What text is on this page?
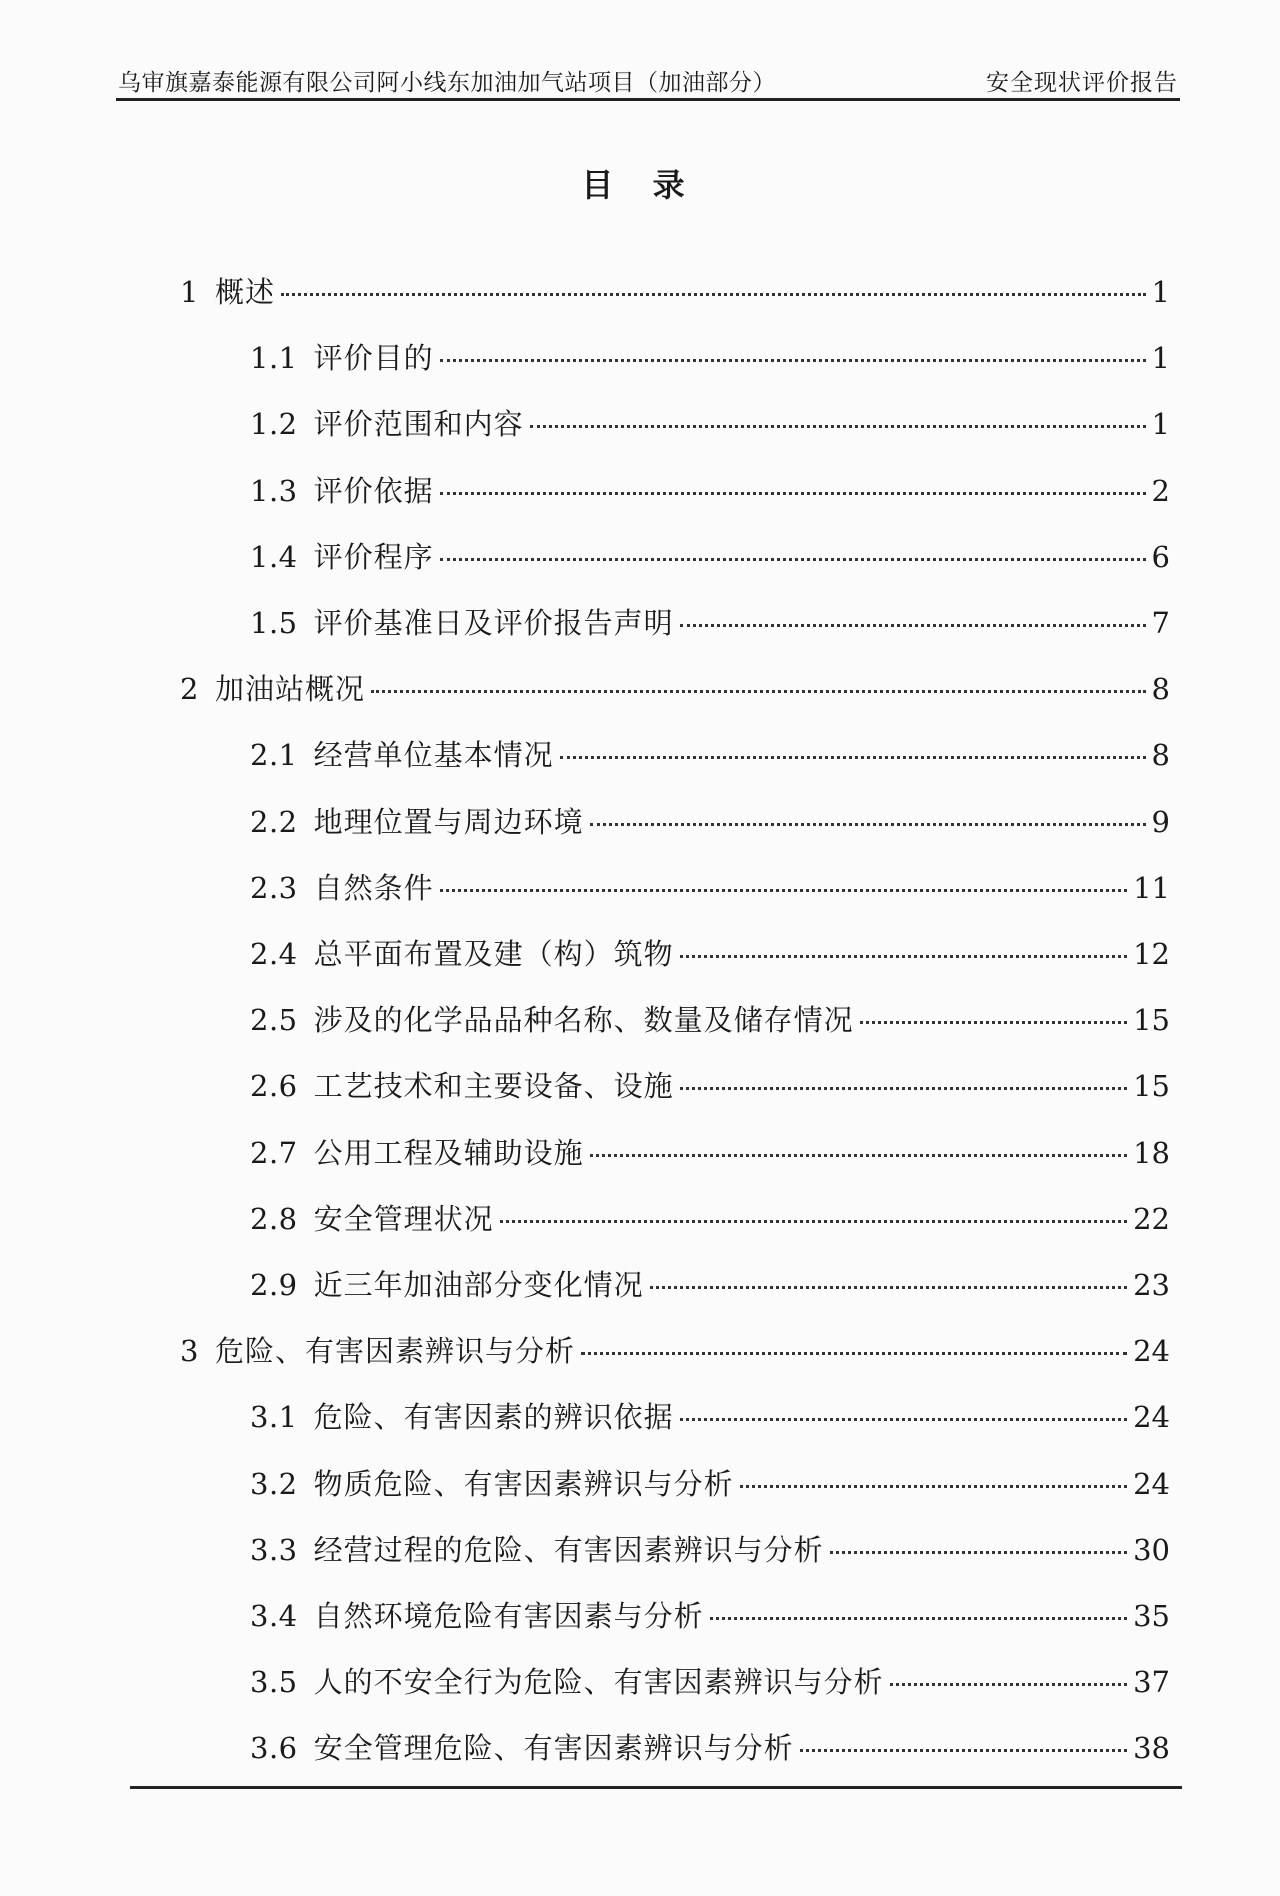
乌审旗嘉泰能源有限公司阿小线东加油加气站项目（加油部分）	安全现状评价报告
目 录
1 概述	1
1.1 评价目的	1
1.2 评价范围和内容	1
1.3 评价依据	2
1.4 评价程序	6
1.5 评价基准日及评价报告声明	7
2 加油站概况	8
2.1 经营单位基本情况	8
2.2 地理位置与周边环境	9
2.3 自然条件	11
2.4 总平面布置及建（构）筑物	12
2.5 涉及的化学品品种名称、数量及储存情况	15
2.6 工艺技术和主要设备、设施	15
2.7 公用工程及辅助设施	18
2.8 安全管理状况	22
2.9 近三年加油部分变化情况	23
3 危险、有害因素辨识与分析	24
3.1 危险、有害因素的辨识依据	24
3.2 物质危险、有害因素辨识与分析	24
3.3 经营过程的危险、有害因素辨识与分析	30
3.4 自然环境危险有害因素与分析	35
3.5 人的不安全行为危险、有害因素辨识与分析	37
3.6 安全管理危险、有害因素辨识与分析	38
